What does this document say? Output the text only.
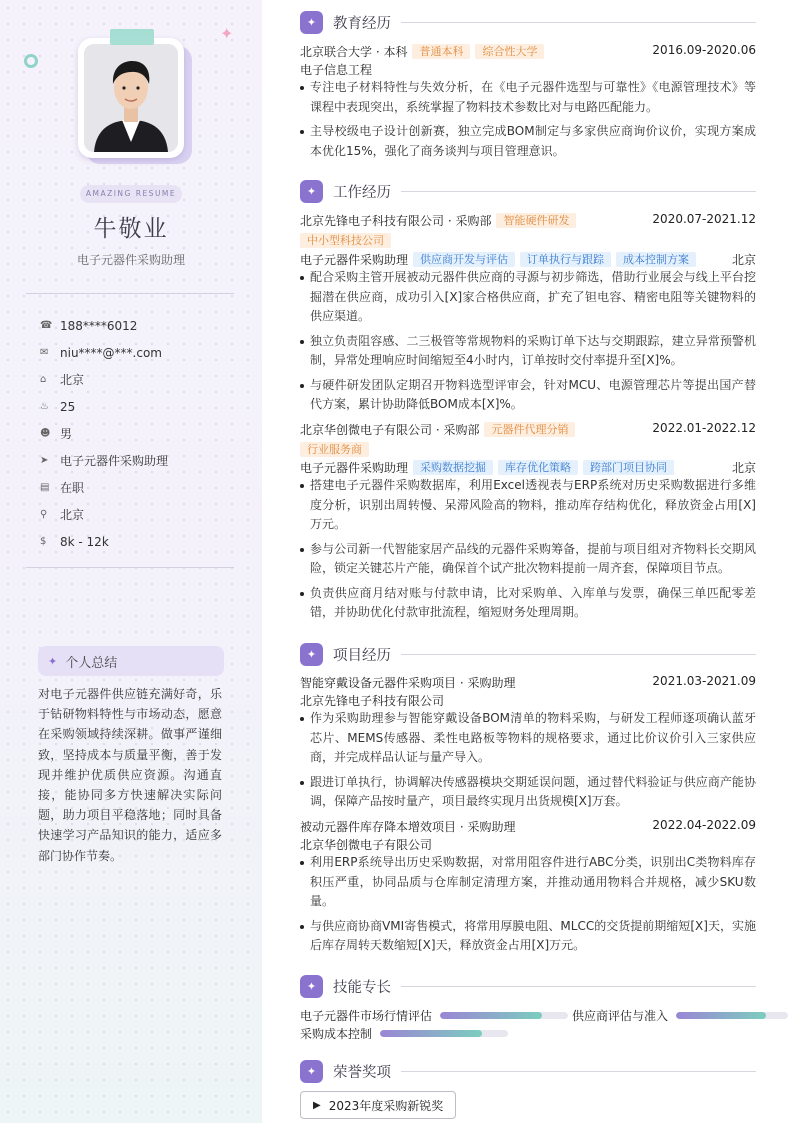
✦
AMAZING RESUME
牛敬业
电子元器件采购助理
☎ 188****6012
✉ niu****@***.com
⌂	北京
♨ 25
☻ 男
➤ 电子元器件采购助理
▤ 在职
⚲	北京
$	8k - 12k
✦ 个人总结
对电子元器件供应链充满好奇，乐于钻研物料特性与市场动态，愿意在采购领域持续深耕。做事严谨细致，坚持成本与质量平衡，善于发现并维护优质供应资源。沟通直接，能协同多方快速解决实际问题，助力项目平稳落地；同时具备快速学习产品知识的能力，适应多部门协作节奏。
✦	教育经历
北京联合大学 · 本科 普通本科 综合性大学	2016.09-2020.06
电子信息工程
专注电子材料特性与失效分析，在《电子元器件选型与可靠性》《电源管理技术》等课程中表现突出，系统掌握了物料技术参数比对与电路匹配能力。
主导校级电子设计创新赛，独立完成BOM制定与多家供应商询价议价，实现方案成本优化15%，强化了商务谈判与项目管理意识。
✦	工作经历
北京先锋电子科技有限公司 · 采购部 智能硬件研发	2020.07-2021.12
中小型科技公司
电子元器件采购助理 供应商开发与评估 订单执行与跟踪 成本控制方案	北京
配合采购主管开展被动元器件供应商的寻源与初步筛选，借助行业展会与线上平台挖掘潜在供应商，成功引入[X]家合格供应商，扩充了钽电容、精密电阻等关键物料的供应渠道。
独立负责阻容感、二三极管等常规物料的采购订单下达与交期跟踪，建立异常预警机制，异常处理响应时间缩短至4小时内，订单按时交付率提升至[X]%。
与硬件研发团队定期召开物料选型评审会，针对MCU、电源管理芯片等提出国产替代方案，累计协助降低BOM成本[X]%。
北京华创微电子有限公司 · 采购部 元器件代理分销	2022.01-2022.12
行业服务商
电子元器件采购助理 采购数据挖掘 库存优化策略 跨部门项目协同	北京
搭建电子元器件采购数据库，利用Excel透视表与ERP系统对历史采购数据进行多维度分析，识别出周转慢、呆滞风险高的物料，推动库存结构优化，释放资金占用[X]万元。
参与公司新一代智能家居产品线的元器件采购筹备，提前与项目组对齐物料长交期风险，锁定关键芯片产能，确保首个试产批次物料提前一周齐套，保障项目节点。
负责供应商月结对账与付款申请，比对采购单、入库单与发票，确保三单匹配零差错，并协助优化付款审批流程，缩短财务处理周期。
✦	项目经历
智能穿戴设备元器件采购项目 · 采购助理	2021.03-2021.09
北京先锋电子科技有限公司
作为采购助理参与智能穿戴设备BOM清单的物料采购，与研发工程师逐项确认蓝牙芯片、MEMS传感器、柔性电路板等物料的规格要求，通过比价议价引入三家供应商，并完成样品认证与量产导入。
跟进订单执行，协调解决传感器模块交期延误问题，通过替代料验证与供应商产能协调，保障产品按时量产，项目最终实现月出货规模[X]万套。
被动元器件库存降本增效项目 · 采购助理	2022.04-2022.09
北京华创微电子有限公司
利用ERP系统导出历史采购数据，对常用阻容件进行ABC分类，识别出C类物料库存积压严重，协同品质与仓库制定清理方案，并推动通用物料合并规格，减少SKU数量。
与供应商协商VMI寄售模式，将常用厚膜电阻、MLCC的交货提前期缩短[X]天，实施后库存周转天数缩短[X]天，释放资金占用[X]万元。
✦	技能专长
电子元器件市场行情评估	供应商评估与准入
采购成本控制
✦	荣誉奖项
▶ 2023年度采购新锐奖
